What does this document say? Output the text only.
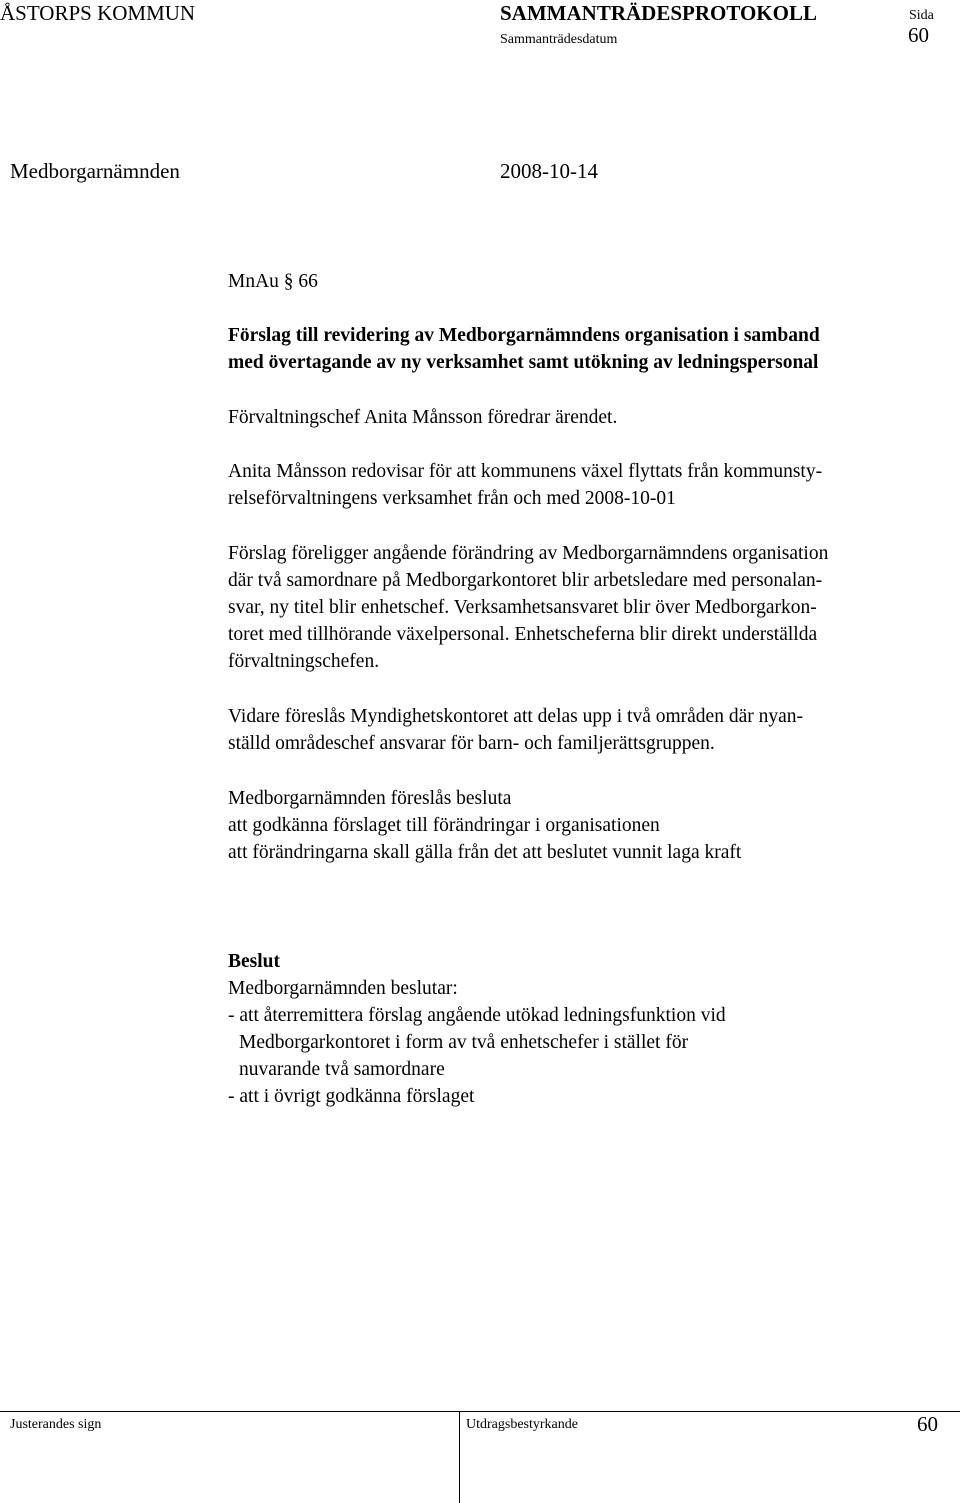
ÅSTORPS KOMMUN	SAMMANTRÄDESPROTOKOLL
Sammanträdesdatum
Sida
60
Medborgarnämnden	2008-10-14
MnAu § 66
Förslag till revidering av Medborgarnämndens organisation i samband
med övertagande av ny verksamhet samt utökning av ledningspersonal
Förvaltningschef Anita Månsson föredrar ärendet.
Anita Månsson redovisar för att kommunens växel flyttats från kommunsty-
relseförvaltningens verksamhet från och med 2008-10-01
Förslag föreligger angående förändring av Medborgarnämndens organisation
där två samordnare på Medborgarkontoret blir arbetsledare med personalan-
svar, ny titel blir enhetschef. Verksamhetsansvaret blir över Medborgarkon-
toret med tillhörande växelpersonal. Enhetscheferna blir direkt underställda
förvaltningschefen.
Vidare föreslås Myndighetskontoret att delas upp i två områden där nyan-
ställd områdeschef ansvarar för barn- och familjerättsgruppen.
Medborgarnämnden föreslås besluta
att godkänna förslaget till förändringar i organisationen
att förändringarna skall gälla från det att beslutet vunnit laga kraft
Beslut
Medborgarnämnden beslutar:
- att återremittera förslag angående utökad ledningsfunktion vid
Medborgarkontoret i form av två enhetschefer i stället för
nuvarande två samordnare
- att i övrigt godkänna förslaget
Justerandes sign	Utdragsbestyrkande	60
